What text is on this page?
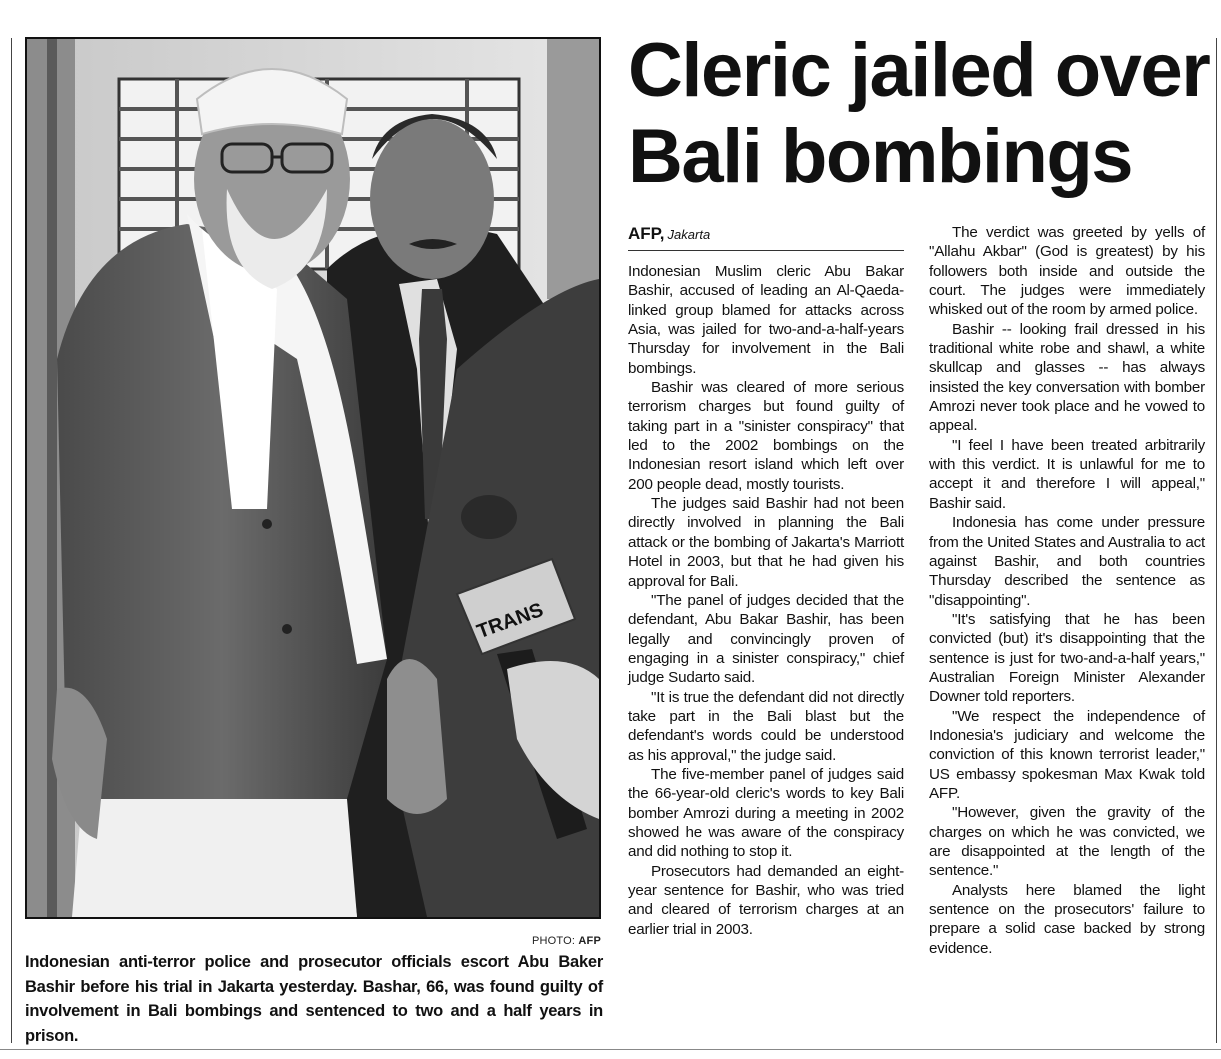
TRANS
PHOTO: AFP
Indonesian anti-terror police and prosecutor officials escort Abu Baker Bashir before his trial in Jakarta yesterday. Bashar, 66, was found guilty of involvement in Bali bombings and sentenced to two and a half years in prison.
Cleric jailed over
Bali bombings
AFP, Jakarta

Indonesian Muslim cleric Abu Bakar Bashir, accused of leading an Al-Qaeda-linked group blamed for attacks across Asia, was jailed for two-and-a-half-years Thursday for involvement in the Bali bombings.

Bashir was cleared of more serious terrorism charges but found guilty of taking part in a "sinister conspiracy" that led to the 2002 bombings on the Indonesian resort island which left over 200 people dead, mostly tourists.

The judges said Bashir had not been directly involved in planning the Bali attack or the bombing of Jakarta's Marriott Hotel in 2003, but that he had given his approval for Bali.

"The panel of judges decided that the defendant, Abu Bakar Bashir, has been legally and convincingly proven of engaging in a sinister conspiracy," chief judge Sudarto said.

"It is true the defendant did not directly take part in the Bali blast but the defendant's words could be understood as his approval," the judge said.

The five-member panel of judges said the 66-year-old cleric's words to key Bali bomber Amrozi during a meeting in 2002 showed he was aware of the conspiracy and did nothing to stop it.

Prosecutors had demanded an eight-year sentence for Bashir, who was tried and cleared of terrorism charges at an earlier trial in 2003.

The verdict was greeted by yells of "Allahu Akbar" (God is greatest) by his followers both inside and outside the court. The judges were immediately whisked out of the room by armed police.

Bashir -- looking frail dressed in his traditional white robe and shawl, a white skullcap and glasses -- has always insisted the key conversation with bomber Amrozi never took place and he vowed to appeal.

"I feel I have been treated arbitrarily with this verdict. It is unlawful for me to accept it and therefore I will appeal," Bashir said.

Indonesia has come under pressure from the United States and Australia to act against Bashir, and both countries Thursday described the sentence as "disappointing".

"It's satisfying that he has been convicted (but) it's disappointing that the sentence is just for two-and-a-half years," Australian Foreign Minister Alexander Downer told reporters.

"We respect the independence of Indonesia's judiciary and welcome the conviction of this known terrorist leader," US embassy spokesman Max Kwak told AFP.

"However, given the gravity of the charges on which he was convicted, we are disappointed at the length of the sentence."

Analysts here blamed the light sentence on the prosecutors' failure to prepare a solid case backed by strong evidence.
